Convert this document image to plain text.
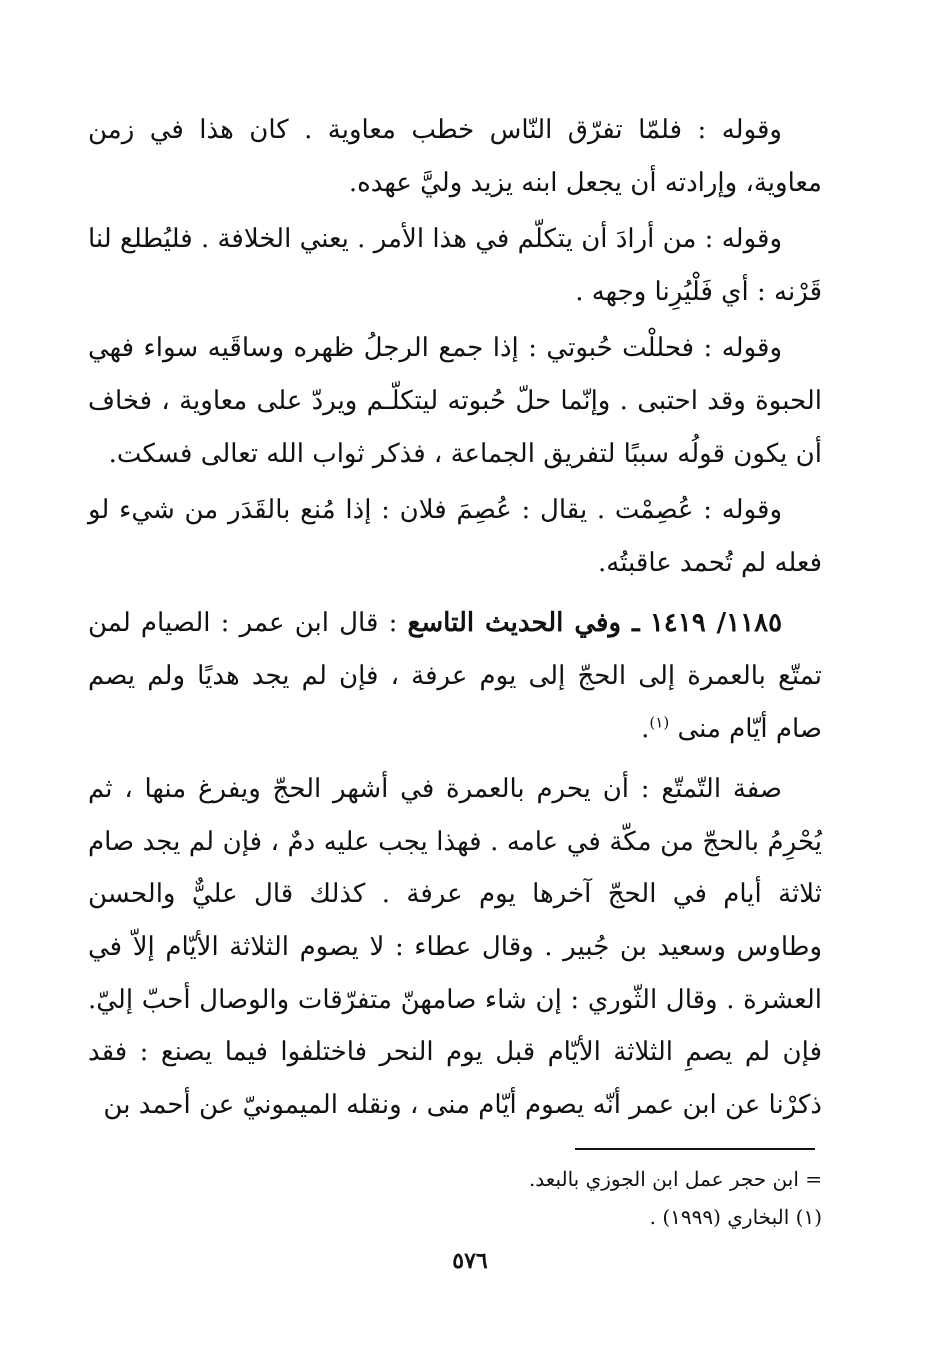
وقوله : فلمّا تفرّق النّاس خطب معاوية . كان هذا في زمن معاوية، وإرادته أن يجعل ابنه يزيد وليَّ عهده.

وقوله : من أرادَ أن يتكلّم في هذا الأمر . يعني الخلافة . فليُطلع لنا قَرْنه : أي فَلْيُرِنا وجهه .

وقوله : فحللْت حُبوتي : إذا جمع الرجلُ ظهره وساقَيه سواء فهي الحبوة وقد احتبى . وإنّما حلّ حُبوته ليتكلّـم ويردّ على معاوية ، فخاف أن يكون قولُه سببًا لتفريق الجماعة ، فذكر ثواب الله تعالى فسكت.

وقوله : عُصِمْت . يقال : عُصِمَ فلان : إذا مُنع بالقَدَر من شيء لو فعله لم تُحمد عاقبتُه.

١١٨٥/ ١٤١٩ ـ وفي الحديث التاسع : قال ابن عمر : الصيام لمن تمتّع بالعمرة إلى الحجّ إلى يوم عرفة ، فإن لم يجد هديًا ولم يصم صام أيّام منى $^{(١)}$.

صفة التّمتّع : أن يحرم بالعمرة في أشهر الحجّ ويفرغ منها ، ثم يُحْرِمُ بالحجّ من مكّة في عامه . فهذا يجب عليه دمٌ ، فإن لم يجد صام ثلاثة أيام في الحجّ آخرها يوم عرفة . كذلك قال عليٌّ والحسن وطاوس وسعيد بن جُبير . وقال عطاء : لا يصوم الثلاثة الأيّام إلاّ في العشرة . وقال الثّوري : إن شاء صامهنّ متفرّقات والوصال أحبّ إليّ. فإن لم يصمِ الثلاثة الأيّام قبل يوم النحر فاختلفوا فيما يصنع : فقد ذكرْنا عن ابن عمر أنّه يصوم أيّام منى ، ونقله الميمونيّ عن أحمد بن

= ابن حجر عمل ابن الجوزي بالبعد.

(١) البخاري (١٩٩٩) .

٥٧٦
